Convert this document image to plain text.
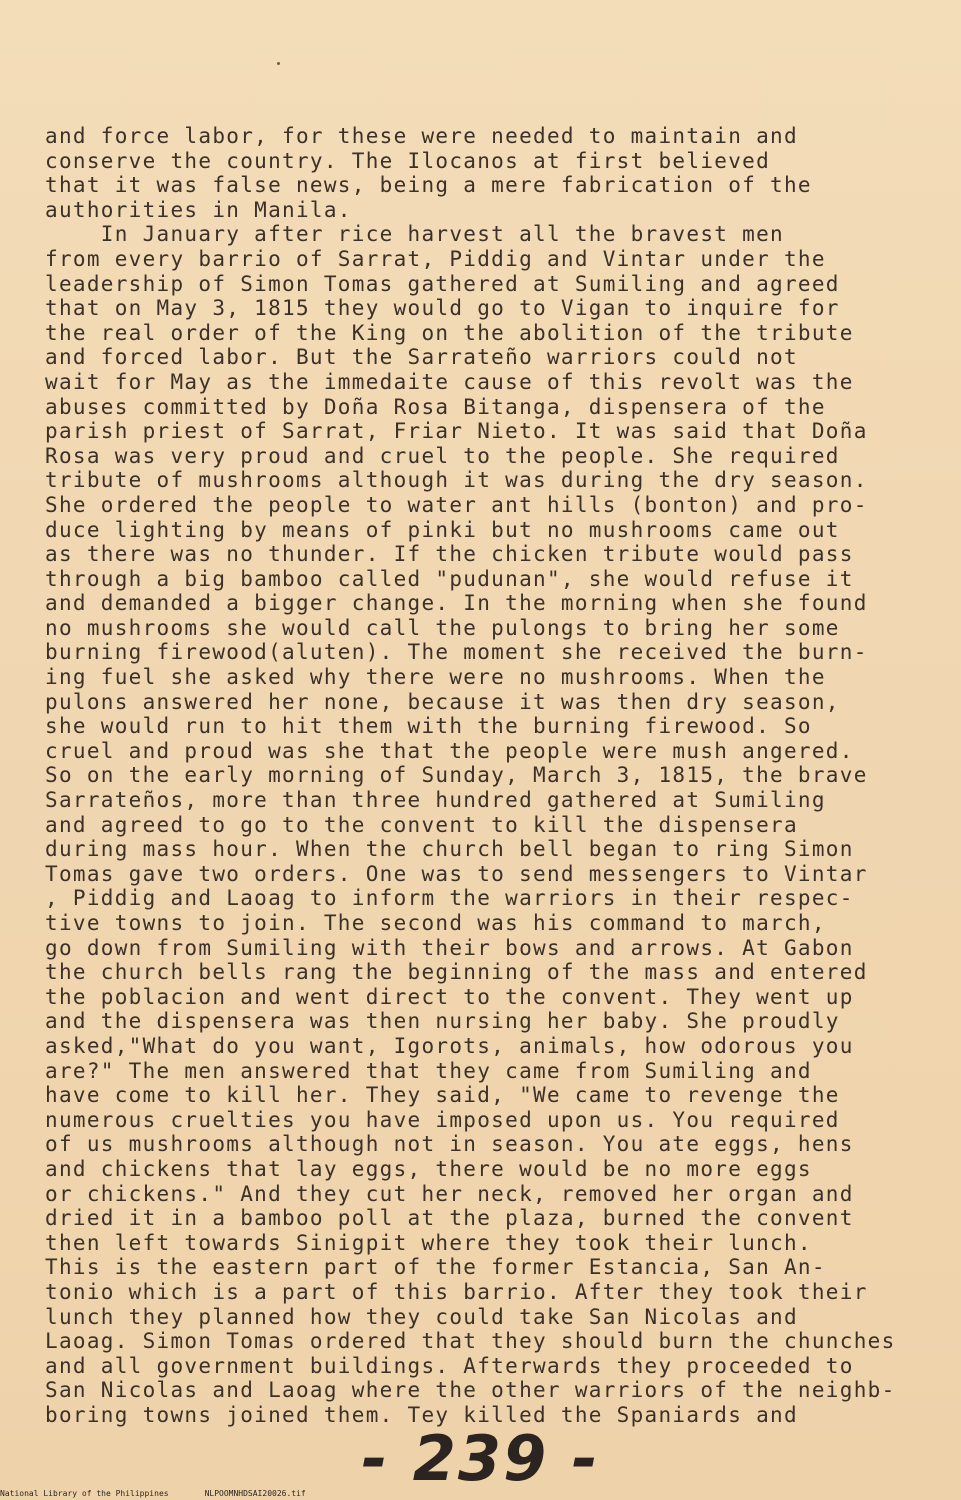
and force labor, for these were needed to maintain and
conserve the country. The Ilocanos at first believed
that it was false news, being a mere fabrication of the
authorities in Manila.
In January after rice harvest all the bravest men
from every barrio of Sarrat, Piddig and Vintar under the
leadership of Simon Tomas gathered at Sumiling and agreed
that on May 3, 1815 they would go to Vigan to inquire for
the real order of the King on the abolition of the tribute
and forced labor. But the Sarrateño warriors could not
wait for May as the immedaite cause of this revolt was the
abuses committed by Doña Rosa Bitanga, dispensera of the
parish priest of Sarrat, Friar Nieto. It was said that Doña
Rosa was very proud and cruel to the people. She required
tribute of mushrooms although it was during the dry season.
She ordered the people to water ant hills (bonton) and pro-
duce lighting by means of pinki but no mushrooms came out
as there was no thunder. If the chicken tribute would pass
through a big bamboo called "pudunan", she would refuse it
and demanded a bigger change. In the morning when she found
no mushrooms she would call the pulongs to bring her some
burning firewood(aluten). The moment she received the burn-
ing fuel she asked why there were no mushrooms. When the
pulons answered her none, because it was then dry season,
she would run to hit them with the burning firewood. So
cruel and proud was she that the people were mush angered.
So on the early morning of Sunday, March 3, 1815, the brave
Sarrateños, more than three hundred gathered at Sumiling
and agreed to go to the convent to kill the dispensera
during mass hour. When the church bell began to ring Simon
Tomas gave two orders. One was to send messengers to Vintar
, Piddig and Laoag to inform the warriors in their respec-
tive towns to join. The second was his command to march,
go down from Sumiling with their bows and arrows. At Gabon
the church bells rang the beginning of the mass and entered
the poblacion and went direct to the convent. They went up
and the dispensera was then nursing her baby. She proudly
asked,"What do you want, Igorots, animals, how odorous you
are?" The men answered that they came from Sumiling and
have come to kill her. They said, "We came to revenge the
numerous cruelties you have imposed upon us. You required
of us mushrooms although not in season. You ate eggs, hens
and chickens that lay eggs, there would be no more eggs
or chickens." And they cut her neck, removed her organ and
dried it in a bamboo poll at the plaza, burned the convent
then left towards Sinigpit where they took their lunch.
This is the eastern part of the former Estancia, San An-
tonio which is a part of this barrio. After they took their
lunch they planned how they could take San Nicolas and
Laoag. Simon Tomas ordered that they should burn the chunches
and all government buildings. Afterwards they proceeded to
San Nicolas and Laoag where the other warriors of the neighb-
boring towns joined them. Tey killed the Spaniards and
- 239 -
National Library of the Philippines	NLPOOMNHDSAI20026.tif
